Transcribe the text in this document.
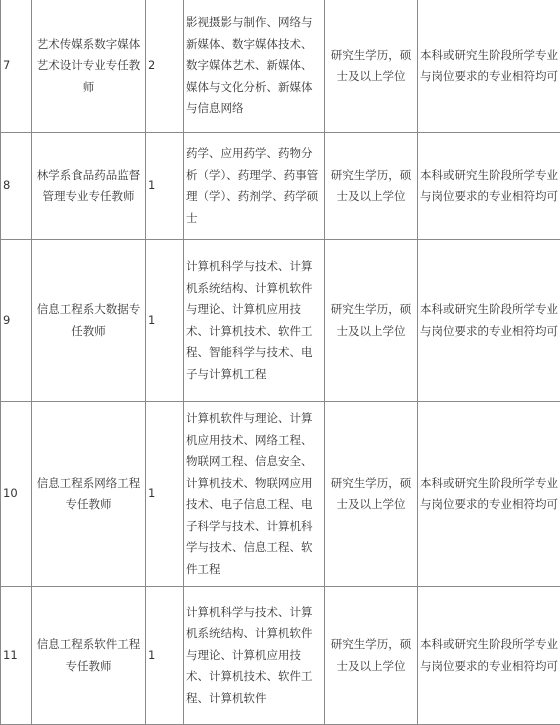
7	艺术传媒系数字媒体艺术设计专业专任教师	2	影视摄影与制作、网络与新媒体、数字媒体技术、数字媒体艺术、新媒体、媒体与文化分析、新媒体与信息网络	研究生学历，硕士及以上学位	本科或研究生阶段所学专业与岗位要求的专业相符均可
8	林学系食品药品监督管理专业专任教师	1	药学、应用药学、药物分析（学）、药理学、药事管理（学）、药剂学、药学硕士	研究生学历，硕士及以上学位	本科或研究生阶段所学专业与岗位要求的专业相符均可
9	信息工程系大数据专任教师	1	计算机科学与技术、计算机系统结构、计算机软件与理论、计算机应用技术、计算机技术、软件工程、智能科学与技术、电子与计算机工程	研究生学历，硕士及以上学位	本科或研究生阶段所学专业与岗位要求的专业相符均可
10	信息工程系网络工程专任教师	1	计算机软件与理论、计算机应用技术、网络工程、物联网工程、信息安全、计算机技术、物联网应用技术、电子信息工程、电子科学与技术、计算机科学与技术、信息工程、软件工程	研究生学历，硕士及以上学位	本科或研究生阶段所学专业与岗位要求的专业相符均可
11	信息工程系软件工程专任教师	1	计算机科学与技术、计算机系统结构、计算机软件与理论、计算机应用技术、计算机技术、软件工程、计算机软件	研究生学历，硕士及以上学位	本科或研究生阶段所学专业与岗位要求的专业相符均可
